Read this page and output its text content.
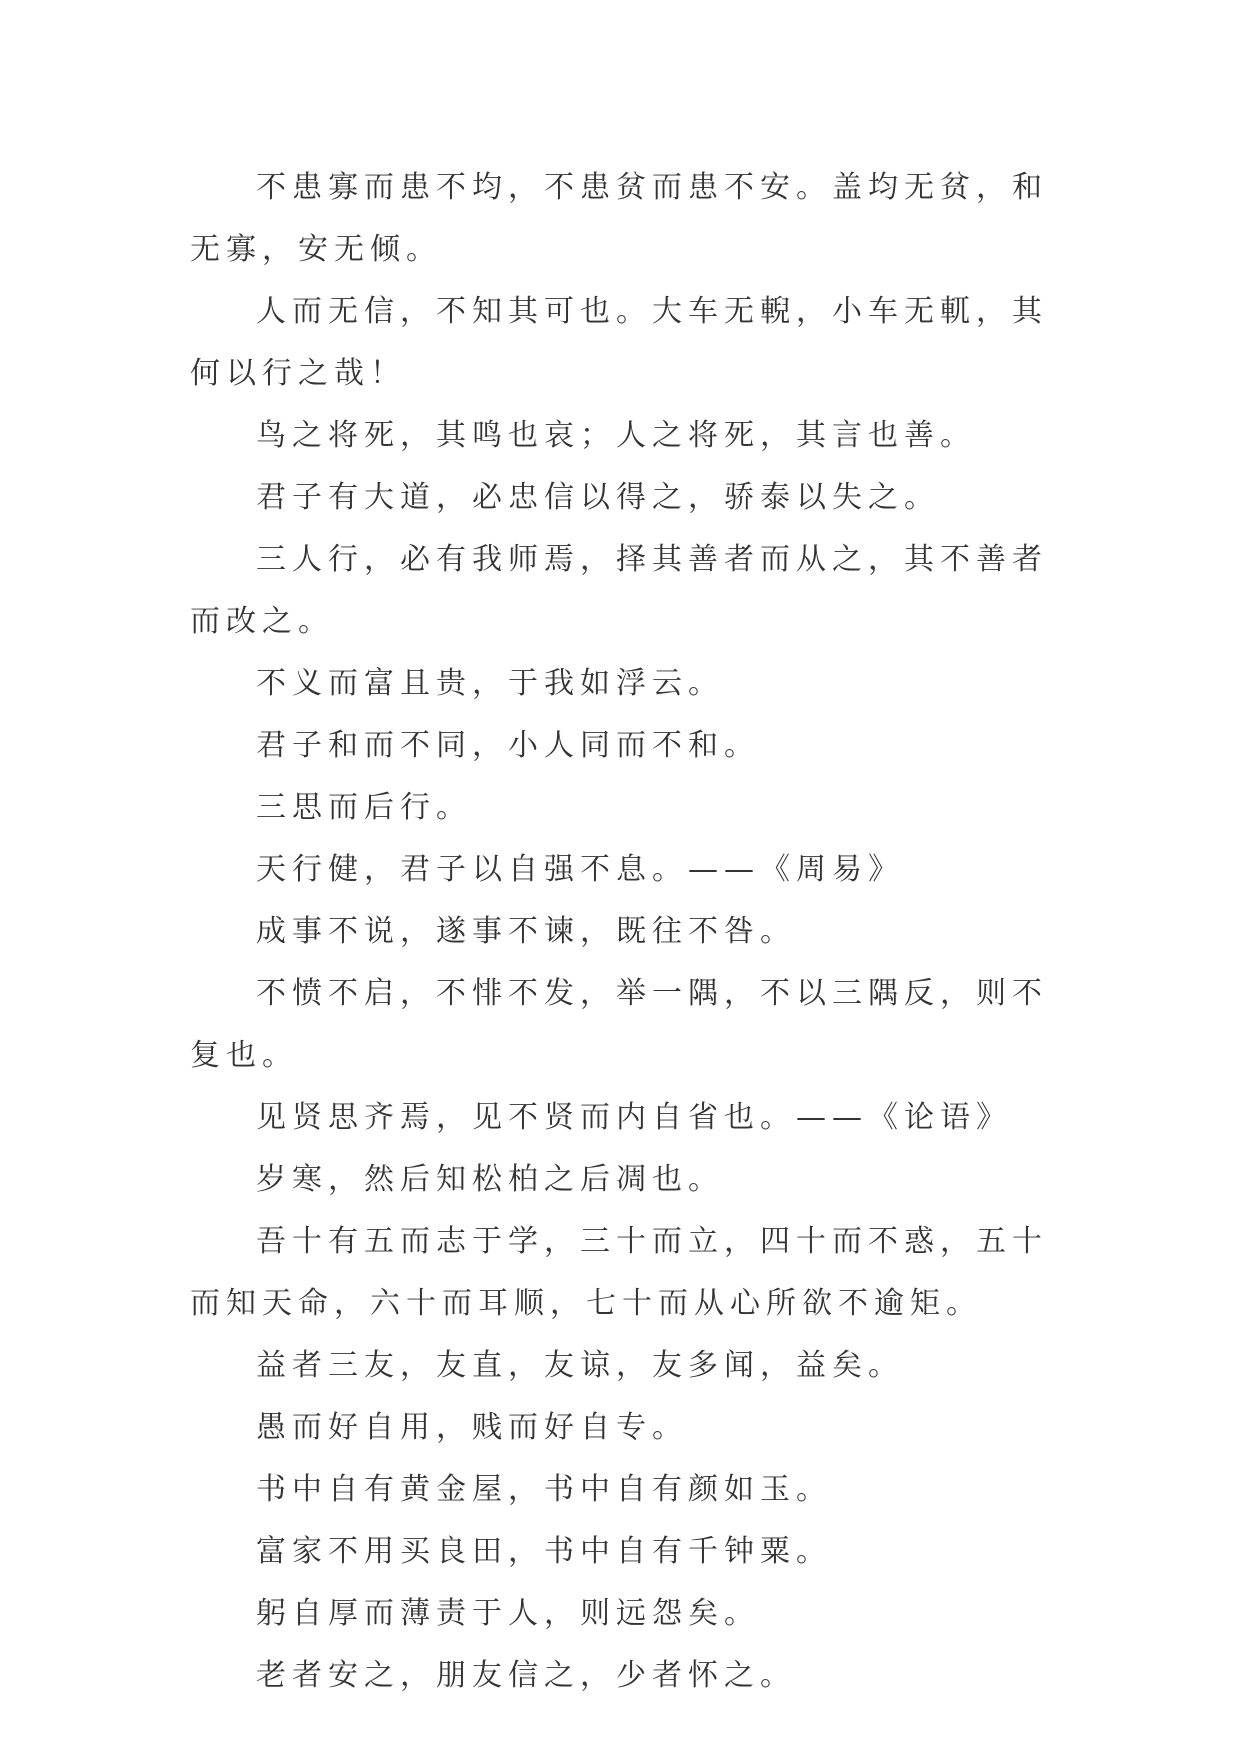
不患寡而患不均，不患贫而患不安。盖均无贫，和无寡，安无倾。

人而无信，不知其可也。大车无輗，小车无軏，其何以行之哉！

鸟之将死，其鸣也哀；人之将死，其言也善。

君子有大道，必忠信以得之，骄泰以失之。

三人行，必有我师焉，择其善者而从之，其不善者而改之。

不义而富且贵，于我如浮云。

君子和而不同，小人同而不和。

三思而后行。

天行健，君子以自强不息。——《周易》

成事不说，遂事不谏，既往不咎。

不愤不启，不悱不发，举一隅，不以三隅反，则不复也。

见贤思齐焉，见不贤而内自省也。——《论语》

岁寒，然后知松柏之后凋也。

吾十有五而志于学，三十而立，四十而不惑，五十而知天命，六十而耳顺，七十而从心所欲不逾矩。

益者三友，友直，友谅，友多闻，益矣。

愚而好自用，贱而好自专。

书中自有黄金屋，书中自有颜如玉。

富家不用买良田，书中自有千钟粟。

躬自厚而薄责于人，则远怨矣。

老者安之，朋友信之，少者怀之。
